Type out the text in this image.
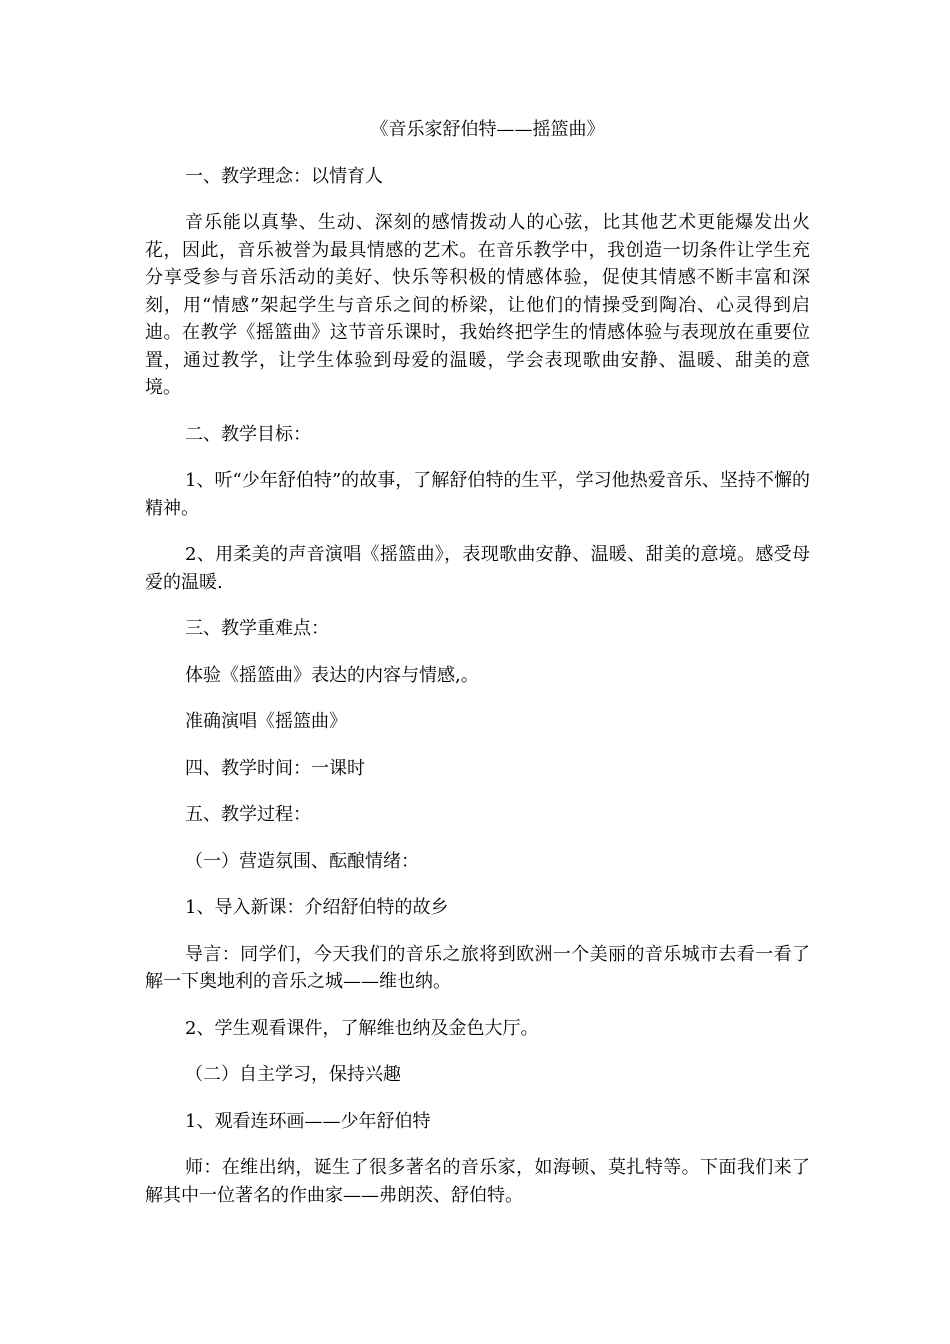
《音乐家舒伯特——摇篮曲》
一、教学理念：以情育人
音乐能以真挚、生动、深刻的感情拨动人的心弦，比其他艺术更能爆发出火花，因此，音乐被誉为最具情感的艺术。在音乐教学中，我创造一切条件让学生充分享受参与音乐活动的美好、快乐等积极的情感体验，促使其情感不断丰富和深刻，用“情感”架起学生与音乐之间的桥梁，让他们的情操受到陶冶、心灵得到启迪。在教学《摇篮曲》这节音乐课时，我始终把学生的情感体验与表现放在重要位置，通过教学，让学生体验到母爱的温暖，学会表现歌曲安静、温暖、甜美的意境。
二、教学目标：
1、听“少年舒伯特”的故事，了解舒伯特的生平，学习他热爱音乐、坚持不懈的精神。
2、用柔美的声音演唱《摇篮曲》，表现歌曲安静、温暖、甜美的意境。感受母爱的温暖.
三、教学重难点：
体验《摇篮曲》表达的内容与情感,。
准确演唱《摇篮曲》
四、教学时间：一课时
五、教学过程：
（一）营造氛围、酝酿情绪：
1、导入新课：介绍舒伯特的故乡
导言：同学们，今天我们的音乐之旅将到欧洲一个美丽的音乐城市去看一看了解一下奥地利的音乐之城——维也纳。
2、学生观看课件，了解维也纳及金色大厅。
（二）自主学习，保持兴趣
1、观看连环画——少年舒伯特
师：在维出纳，诞生了很多著名的音乐家，如海顿、莫扎特等。下面我们来了解其中一位著名的作曲家——弗朗茨、舒伯特。
